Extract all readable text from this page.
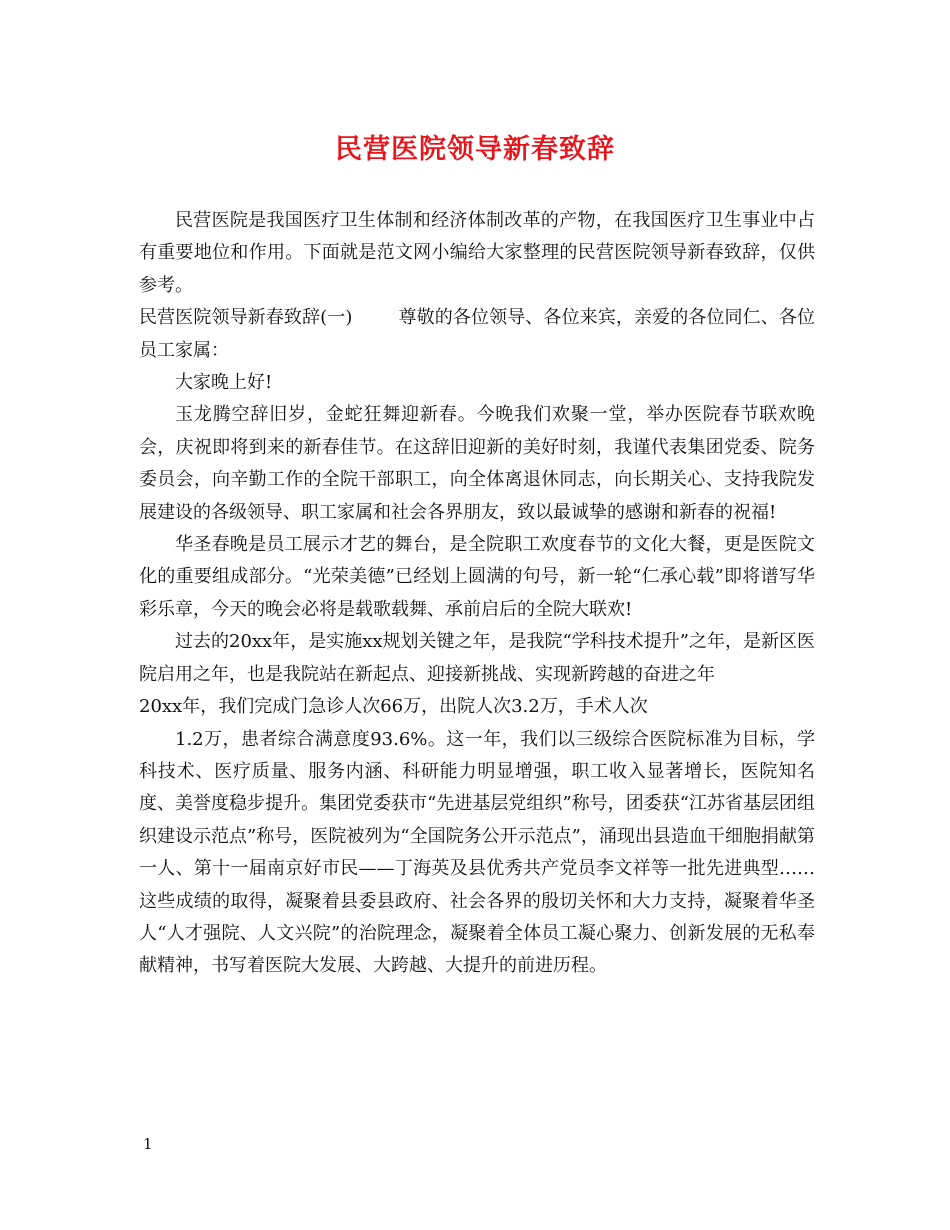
民营医院领导新春致辞

民营医院是我国医疗卫生体制和经济体制改革的产物，在我国医疗卫生事业中占有重要地位和作用。下面就是范文网小编给大家整理的民营医院领导新春致辞，仅供参考。

民营医院领导新春致辞(一)	尊敬的各位领导、各位来宾，亲爱的各位同仁、各位员工家属：

大家晚上好!

玉龙腾空辞旧岁，金蛇狂舞迎新春。今晚我们欢聚一堂，举办医院春节联欢晚会，庆祝即将到来的新春佳节。在这辞旧迎新的美好时刻，我谨代表集团党委、院务委员会，向辛勤工作的全院干部职工，向全体离退休同志，向长期关心、支持我院发展建设的各级领导、职工家属和社会各界朋友，致以最诚挚的感谢和新春的祝福!

华圣春晚是员工展示才艺的舞台，是全院职工欢度春节的文化大餐，更是医院文化的重要组成部分。“光荣美德”已经划上圆满的句号，新一轮“仁承心载”即将谱写华彩乐章，今天的晚会必将是载歌载舞、承前启后的全院大联欢!

过去的20xx年，是实施xx规划关键之年，是我院“学科技术提升”之年，是新区医院启用之年，也是我院站在新起点、迎接新挑战、实现新跨越的奋进之年

20xx年，我们完成门急诊人次66万，出院人次3.2万，手术人次

1.2万，患者综合满意度93.6%。这一年，我们以三级综合医院标准为目标，学科技术、医疗质量、服务内涵、科研能力明显增强，职工收入显著增长，医院知名度、美誉度稳步提升。集团党委获市“先进基层党组织”称号，团委获“江苏省基层团组织建设示范点”称号，医院被列为“全国院务公开示范点”，涌现出县造血干细胞捐献第一人、第十一届南京好市民——丁海英及县优秀共产党员李文祥等一批先进典型……这些成绩的取得，凝聚着县委县政府、社会各界的殷切关怀和大力支持，凝聚着华圣人“人才强院、人文兴院”的治院理念，凝聚着全体员工凝心聚力、创新发展的无私奉献精神，书写着医院大发展、大跨越、大提升的前进历程。

1
